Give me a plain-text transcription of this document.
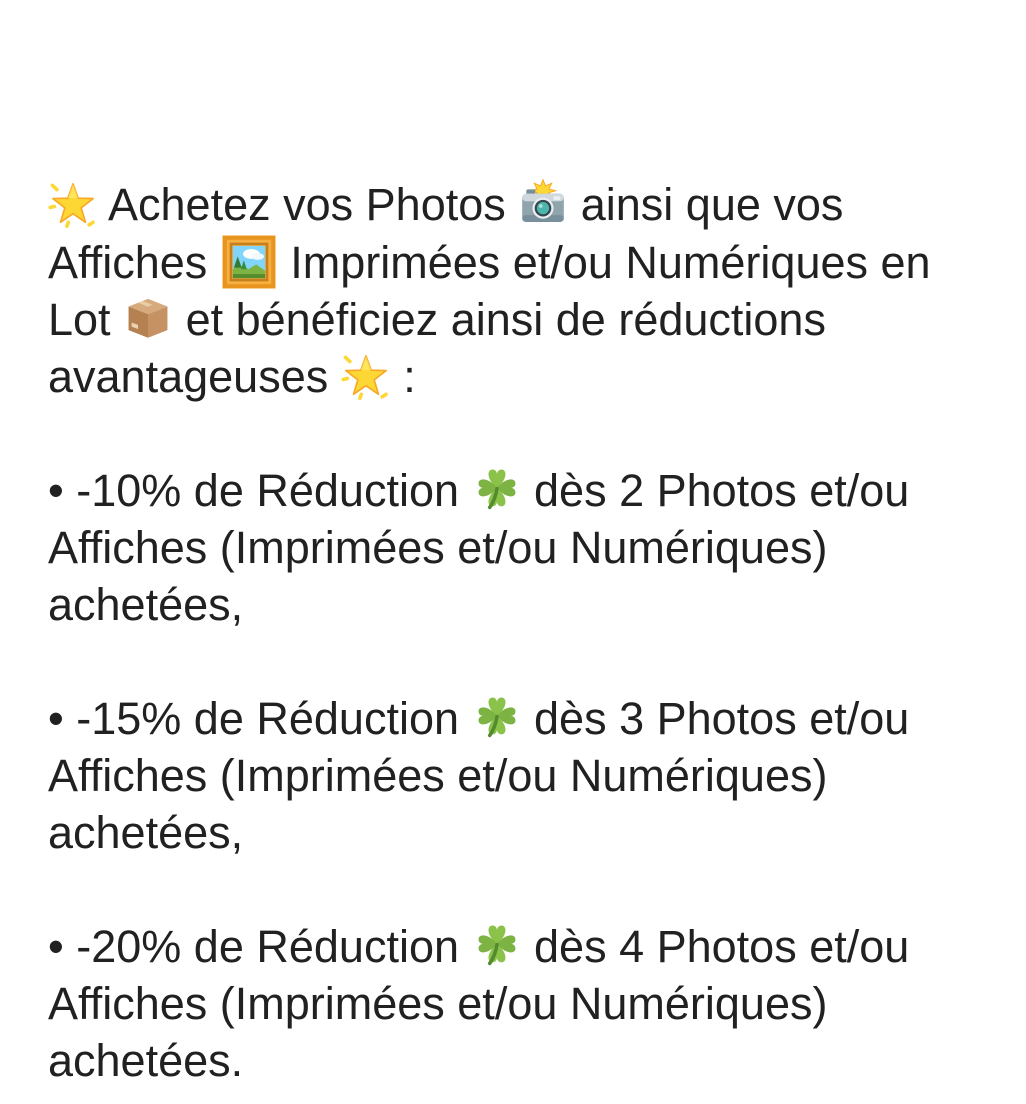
Achetez vos Photos  ainsi que vos
Affiches  Imprimées et/ou Numériques en
Lot  et bénéficiez ainsi de réductions
avantageuses  :

• -10% de Réduction  dès 2 Photos et/ou
Affiches (Imprimées et/ou Numériques)
achetées,

• -15% de Réduction  dès 3 Photos et/ou
Affiches (Imprimées et/ou Numériques)
achetées,

• -20% de Réduction  dès 4 Photos et/ou
Affiches (Imprimées et/ou Numériques)
achetées.
